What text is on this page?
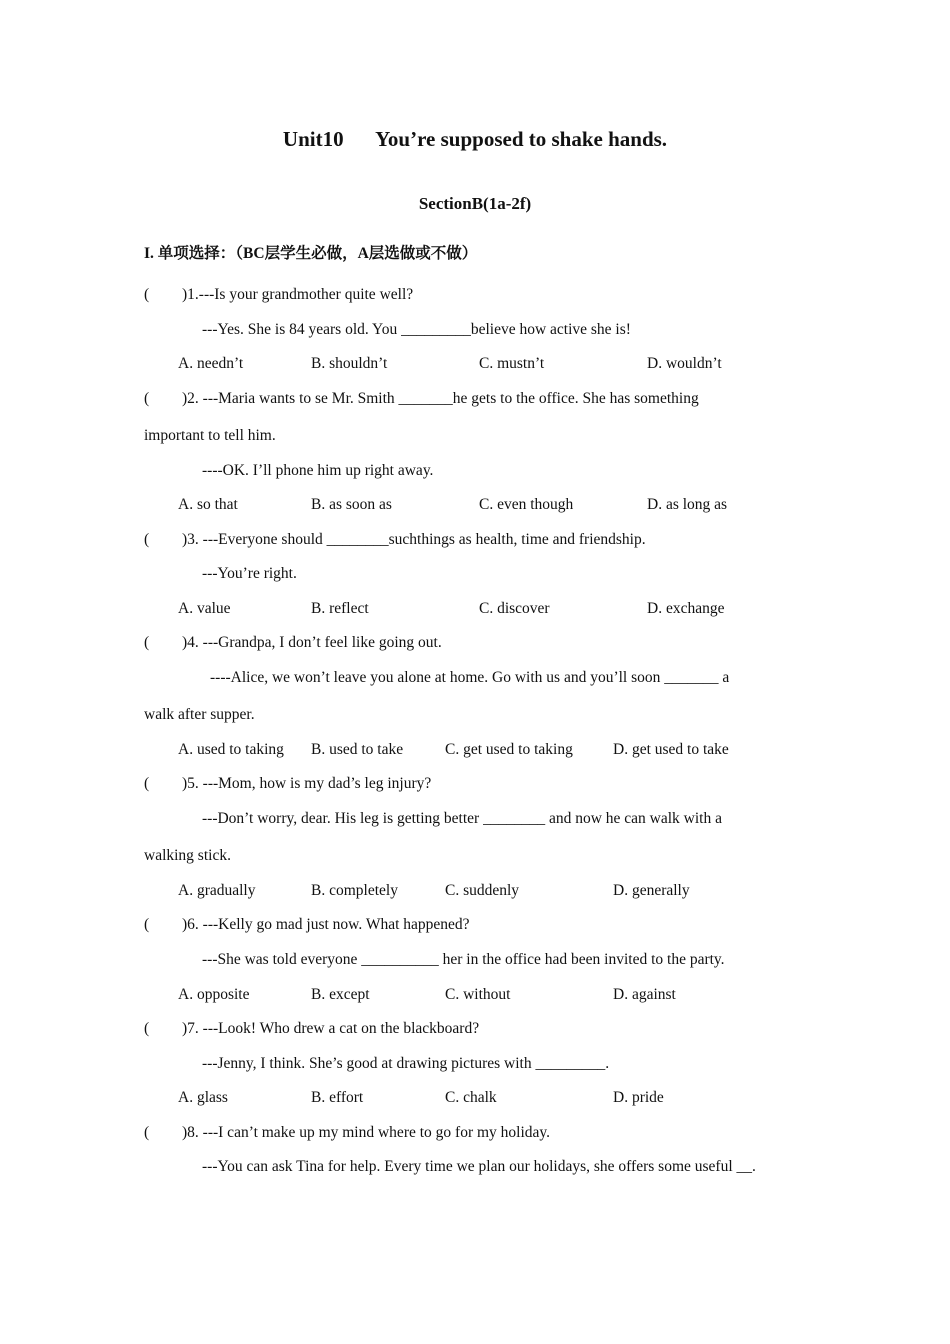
Unit10      You’re supposed to shake hands.
SectionB(1a-2f)
I. 单项选择：（BC层学生必做，A层选做或不做）
( )1.---Is your grandmother quite well?
---Yes. She is 84 years old. You _________believe how active she is!
A. needn’t	B. shouldn’t	C. mustn’t	D. wouldn’t
( )2. ---Maria wants to se Mr. Smith _______he gets to the office. She has something
important to tell him.
----OK. I’ll phone him up right away.
A. so that	B. as soon as	C. even though	D. as long as
( )3. ---Everyone should ________suchthings as health, time and friendship.
---You’re right.
A. value	B. reflect	C. discover	D. exchange
( )4. ---Grandpa, I don’t feel like going out.
----Alice, we won’t leave you alone at home. Go with us and you’ll soon _______ a
walk after supper.
A. used to taking B. used to take	C. get used to taking	D. get used to take
( )5. ---Mom, how is my dad’s leg injury?
---Don’t worry, dear. His leg is getting better ________ and now he can walk with a
walking stick.
A. gradually	B. completely	C. suddenly	D. generally
( )6. ---Kelly go mad just now. What happened?
---She was told everyone __________ her in the office had been invited to the party.
A. opposite	B. except	C. without	D. against
( )7. ---Look! Who drew a cat on the blackboard?
---Jenny, I think. She’s good at drawing pictures with _________.
A. glass	B. effort	C. chalk	D. pride
( )8. ---I can’t make up my mind where to go for my holiday.
---You can ask Tina for help. Every time we plan our holidays, she offers some useful __.
